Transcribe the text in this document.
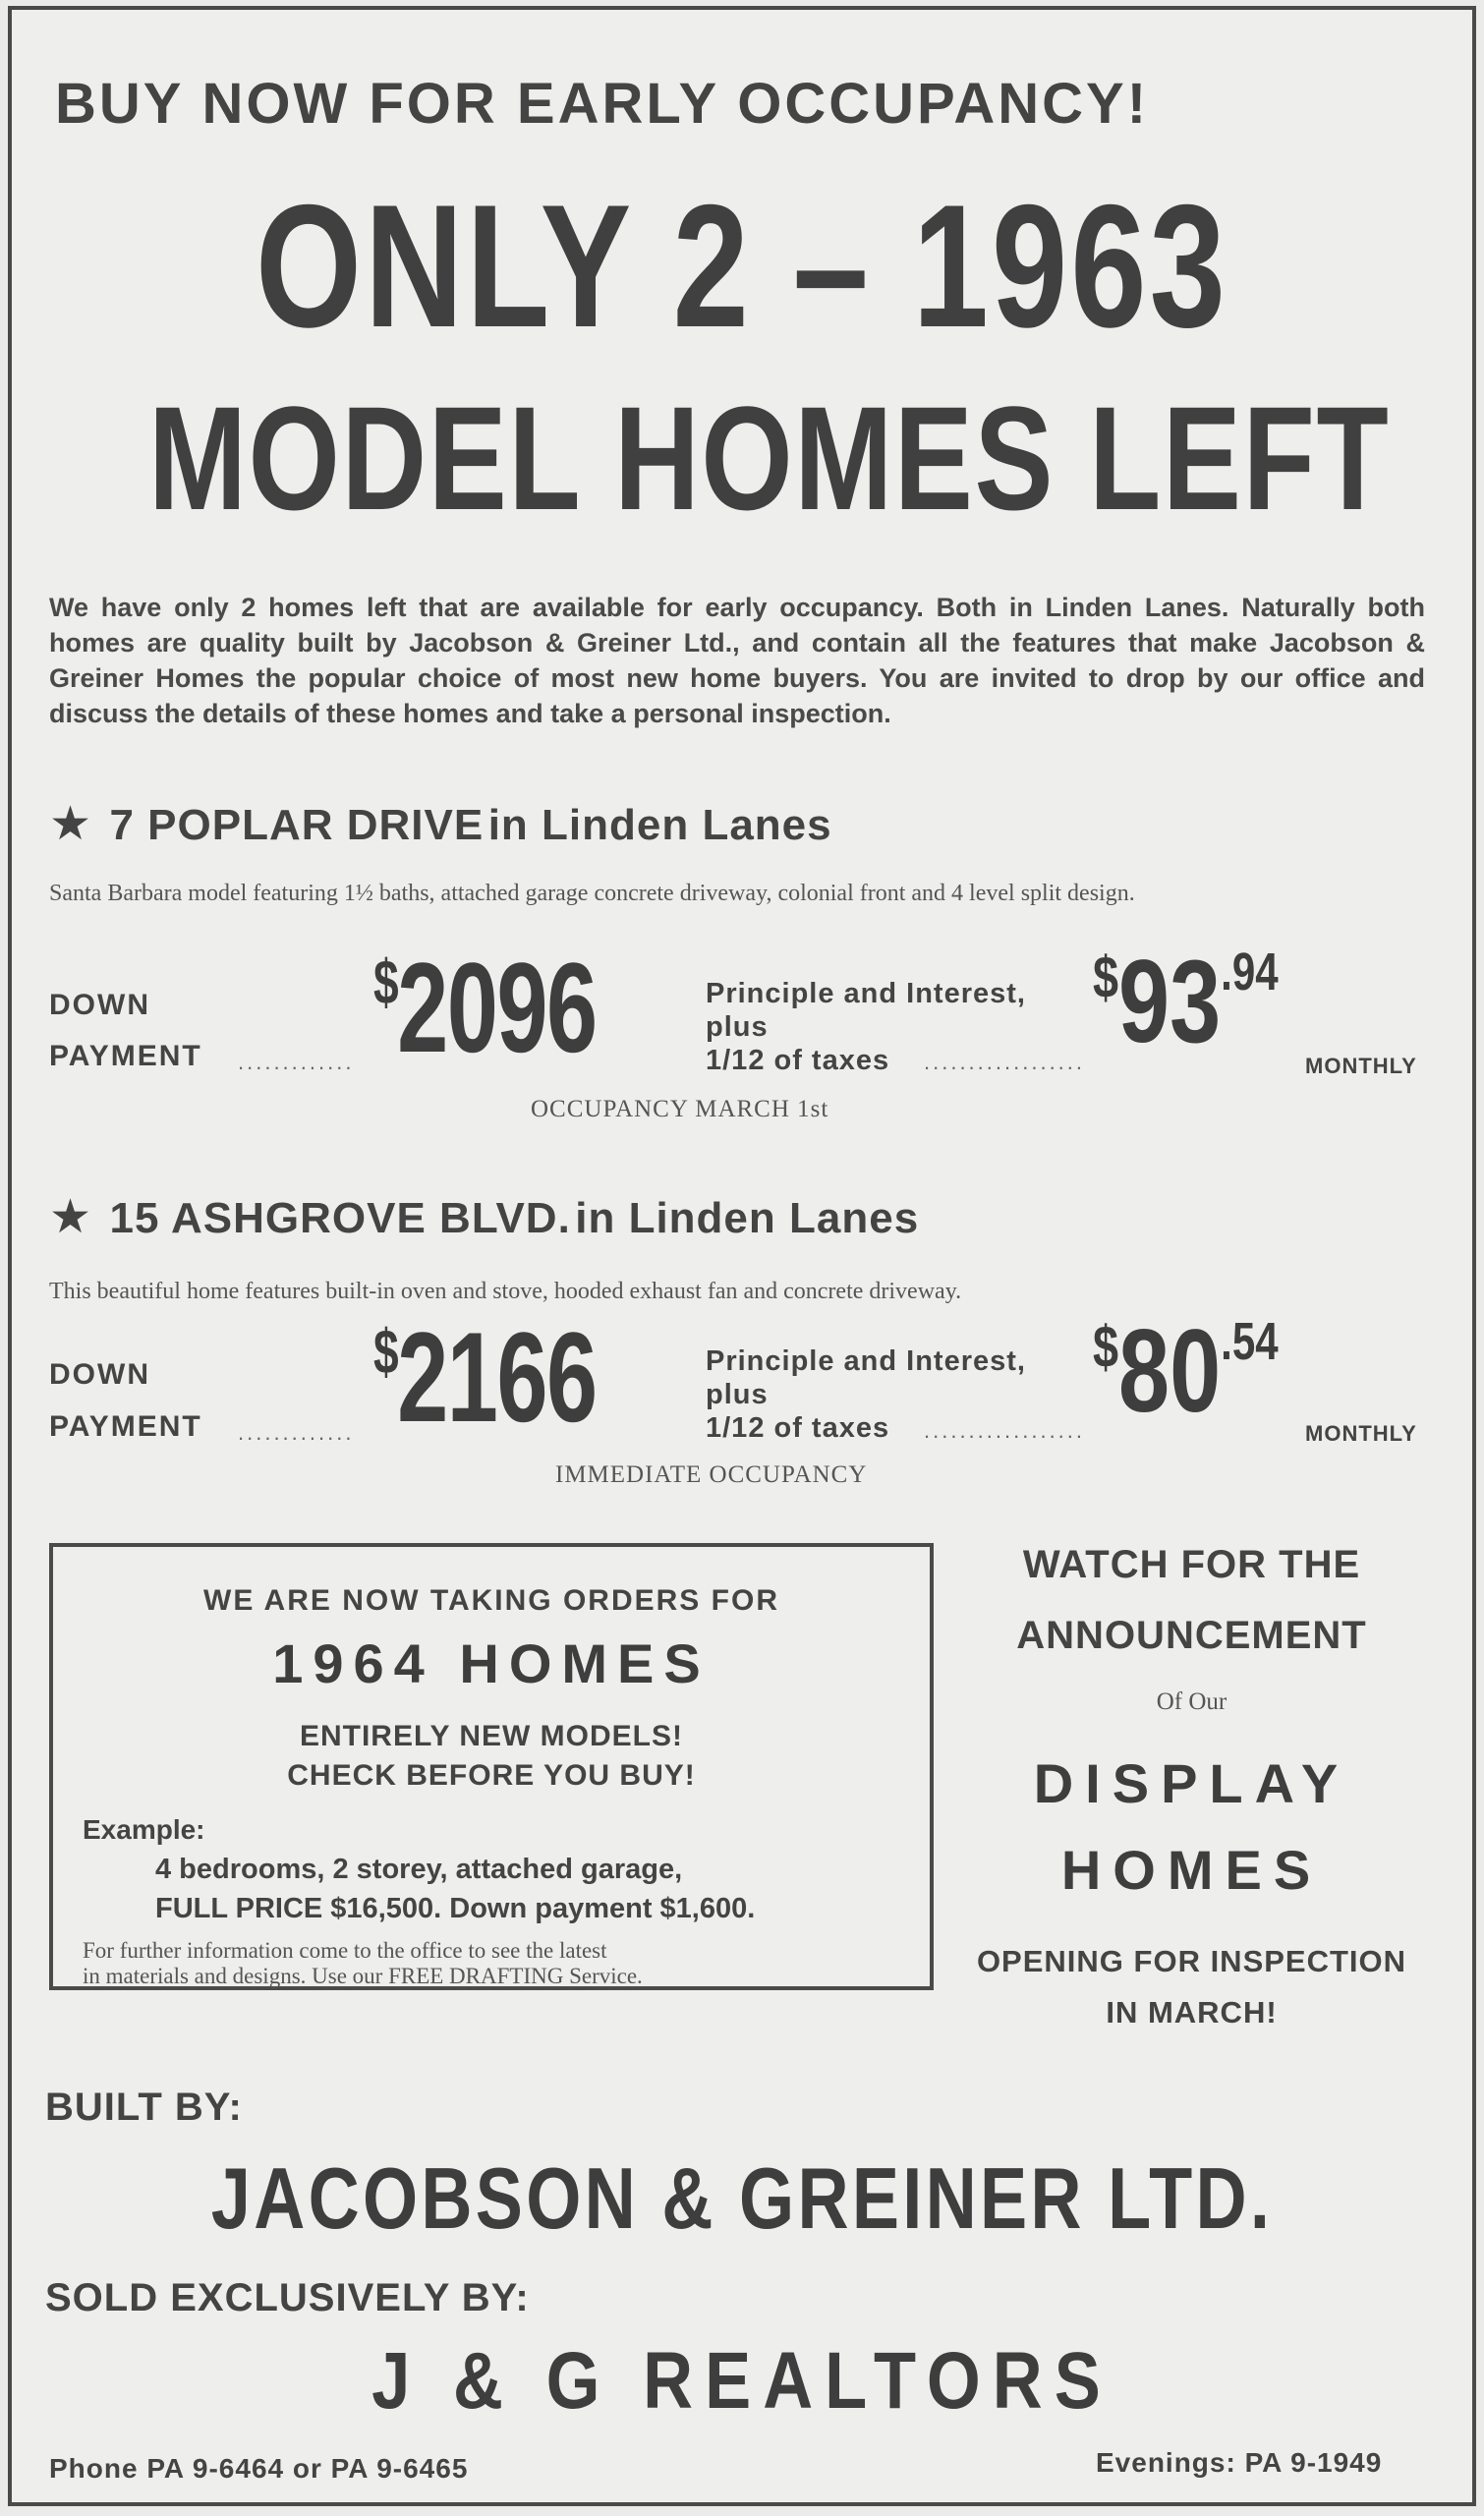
BUY NOW FOR EARLY OCCUPANCY!
ONLY 2 – 1963
MODEL HOMES LEFT
We have only 2 homes left that are available for early occupancy. Both in Linden Lanes. Naturally both homes are quality built by Jacobson & Greiner Ltd., and contain all the features that make Jacobson & Greiner Homes the popular choice of most new home buyers. You are invited to drop by our office and discuss the details of these homes and take a personal inspection.
★ 7 POPLAR DRIVE in Linden Lanes
Santa Barbara model featuring 1½ baths, attached garage concrete driveway, colonial front and 4 level split design.
DOWN
PAYMENT .............
$2096	Principle and Interest,
plus
1/12 of taxes ..................
$^{\$}93^{.94}$
MONTHLY
OCCUPANCY MARCH 1st
★ 15 ASHGROVE BLVD. in Linden Lanes
This beautiful home features built-in oven and stove, hooded exhaust fan and concrete driveway.
DOWN
PAYMENT .............
$2166	Principle and Interest,
plus
1/12 of taxes ..................
$^{\$}80^{.54}$
MONTHLY
IMMEDIATE OCCUPANCY
WE ARE NOW TAKING ORDERS FOR
1964 HOMES
ENTIRELY NEW MODELS!
CHECK BEFORE YOU BUY!
Example:
4 bedrooms, 2 storey, attached garage,
FULL PRICE $16,500. Down payment $1,600.
For further information come to the office to see the latest
in materials and designs. Use our FREE DRAFTING Service.
WATCH FOR THE
ANNOUNCEMENT
Of Our
DISPLAY
HOMES
OPENING FOR INSPECTION
IN MARCH!
BUILT BY:
JACOBSON & GREINER LTD.
SOLD EXCLUSIVELY BY:
J & G REALTORS
Phone PA 9-6464 or PA 9-6465	Evenings: PA 9-1949
